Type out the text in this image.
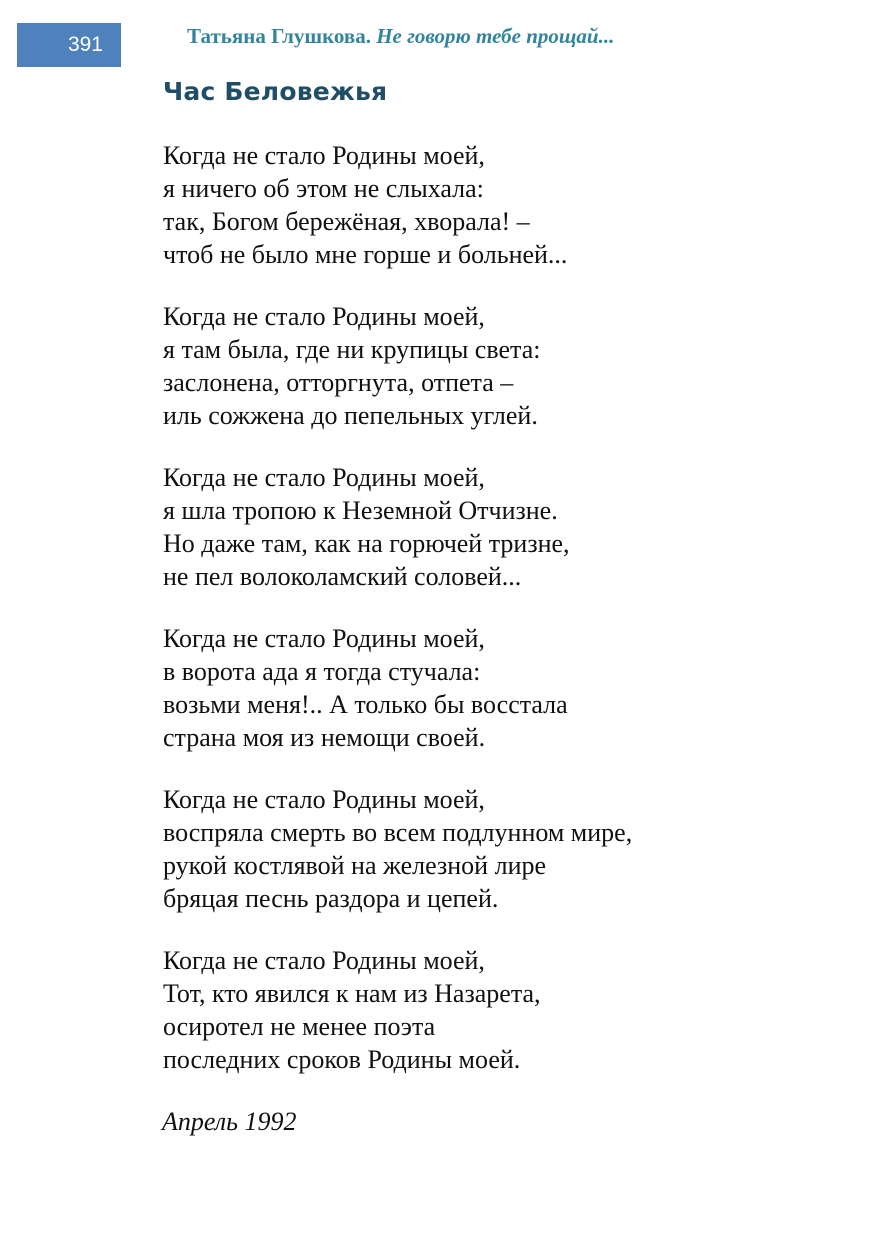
391	Татьяна Глушкова. Не говорю тебе прощай...
Час Беловежья
Когда не стало Родины моей,
я ничего об этом не слыхала:
так, Богом бережёная, хворала! –
чтоб не было мне горше и больней...
Когда не стало Родины моей,
я там была, где ни крупицы света:
заслонена, отторгнута, отпета –
иль сожжена до пепельных углей.
Когда не стало Родины моей,
я шла тропою к Неземной Отчизне.
Но даже там, как на горючей тризне,
не пел волоколамский соловей...
Когда не стало Родины моей,
в ворота ада я тогда стучала:
возьми меня!.. А только бы восстала
страна моя из немощи своей.
Когда не стало Родины моей,
воспряла смерть во всем подлунном мире,
рукой костлявой на железной лире
бряцая песнь раздора и цепей.
Когда не стало Родины моей,
Тот, кто явился к нам из Назарета,
осиротел не менее поэта
последних сроков Родины моей.
Апрель 1992
